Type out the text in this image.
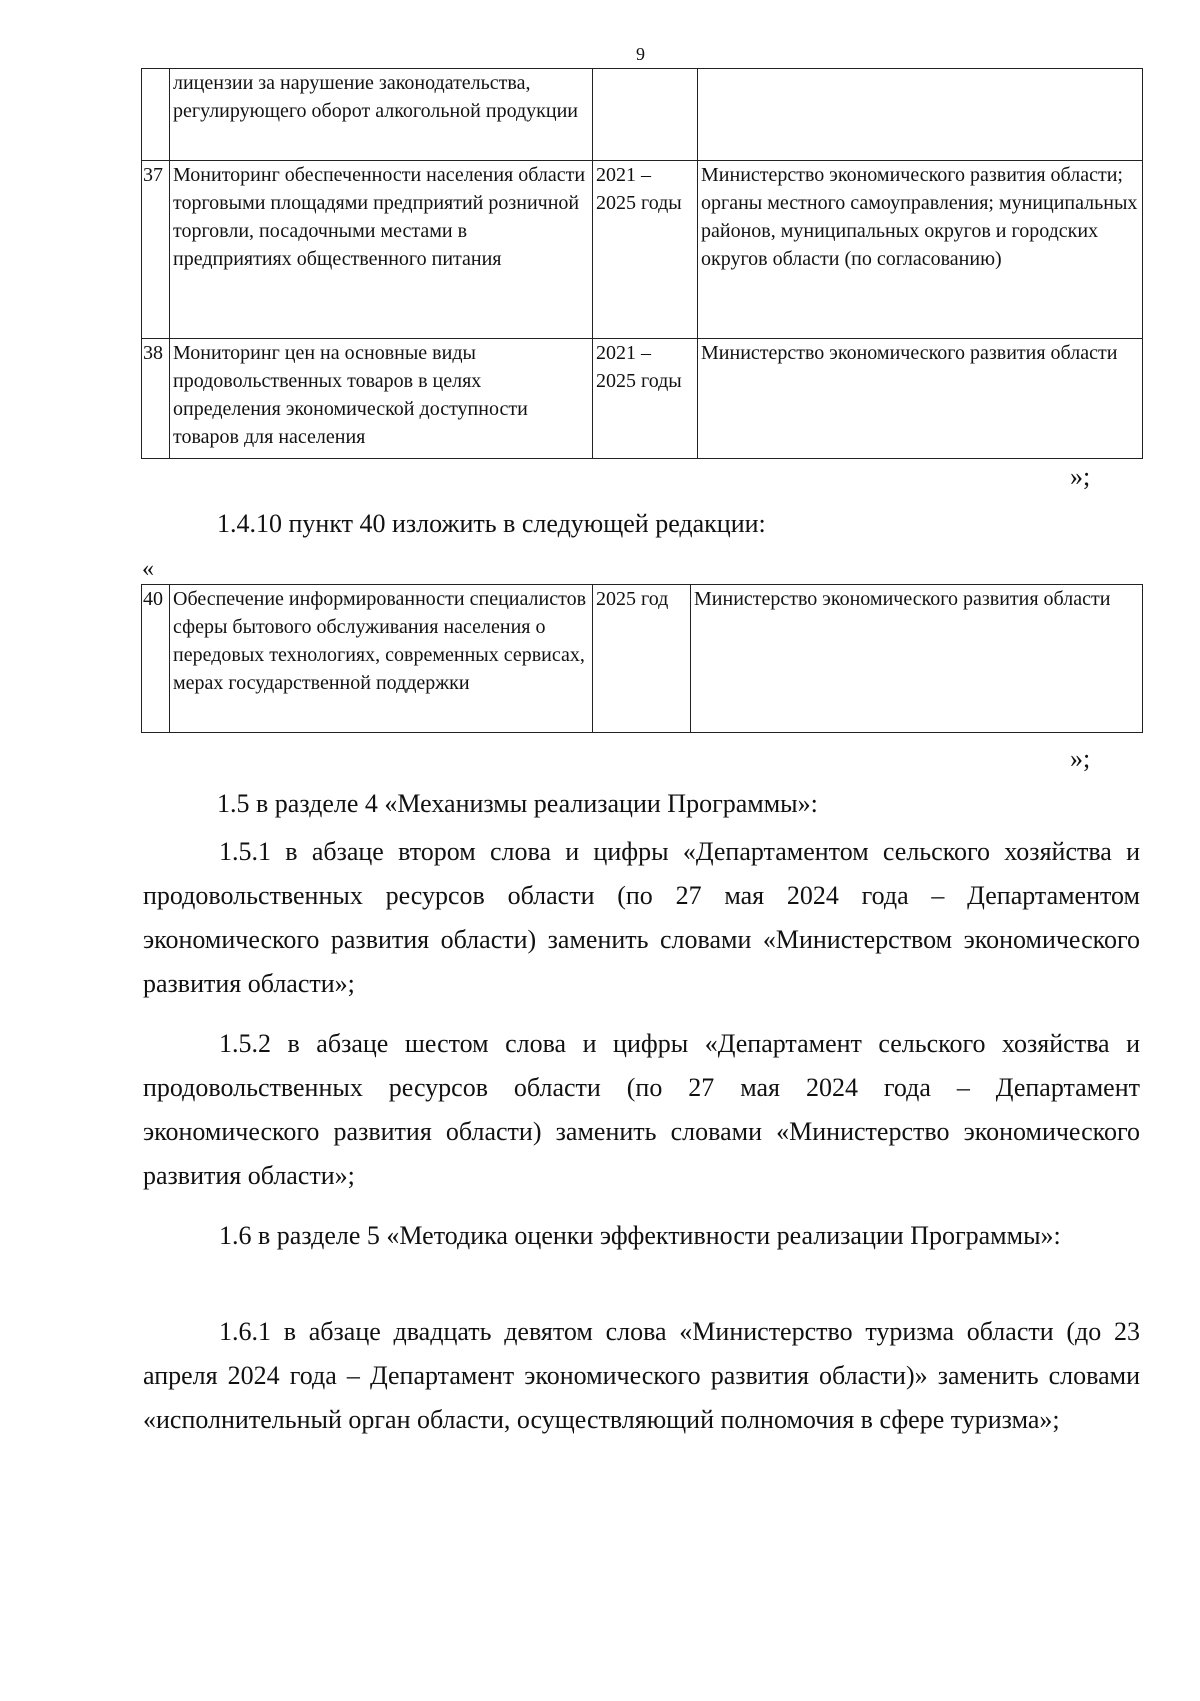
9
	лицензии за нарушение законодательства, регулирующего оборот алкогольной продукции		
37	Мониторинг обеспеченности населения области торговыми площадями предприятий розничной торговли, посадочными местами в предприятиях общественного питания	2021 – 2025 годы	Министерство экономического развития области; органы местного самоуправления; муниципальных районов, муниципальных округов и городских округов области (по согласованию)
38	Мониторинг цен на основные виды продовольственных товаров в целях определения экономической доступности товаров для населения	2021 – 2025 годы	Министерство экономического развития области
»;
1.4.10 пункт 40 изложить в следующей редакции:
«
40	Обеспечение информированности специалистов сферы бытового обслуживания населения о передовых технологиях, современных сервисах, мерах государственной поддержки	2025 год	Министерство экономического развития области
»;
1.5 в разделе 4 «Механизмы реализации Программы»:
1.5.1 в абзаце втором слова и цифры «Департаментом сельского хозяйства и продовольственных ресурсов области (по 27 мая 2024 года – Департаментом экономического развития области) заменить словами «Министерством экономического развития области»;
1.5.2 в абзаце шестом слова и цифры «Департамент сельского хозяйства и продовольственных ресурсов области (по 27 мая 2024 года – Департамент экономического развития области) заменить словами «Министерство экономического развития области»;
1.6 в разделе 5 «Методика оценки эффективности реализации Программы»:
1.6.1 в абзаце двадцать девятом слова «Министерство туризма области (до 23 апреля 2024 года – Департамент экономического развития области)» заменить словами «исполнительный орган области, осуществляющий полномочия в сфере туризма»;
